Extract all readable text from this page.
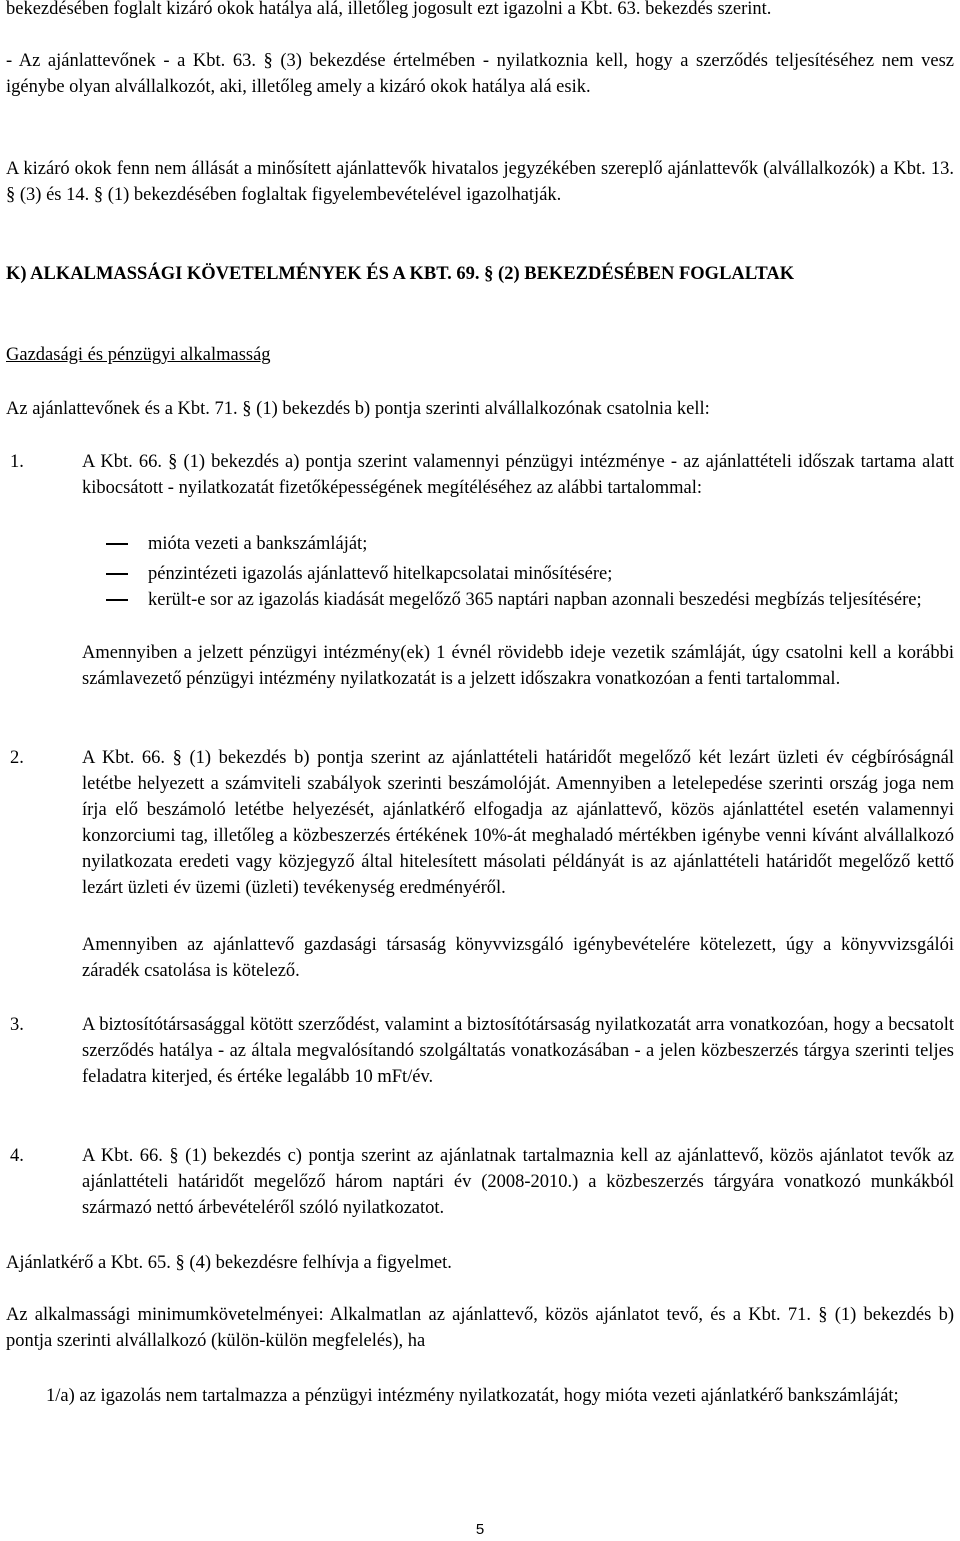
bekezdésében foglalt kizáró okok hatálya alá, illetőleg jogosult ezt igazolni a Kbt. 63. bekezdés szerint.

- Az ajánlattevőnek - a Kbt. 63. § (3) bekezdése értelmében - nyilatkoznia kell, hogy a szerződés teljesítéséhez nem vesz igénybe olyan alvállalkozót, aki, illetőleg amely a kizáró okok hatálya alá esik.

A kizáró okok fenn nem állását a minősített ajánlattevők hivatalos jegyzékében szereplő ajánlattevők (alvállalkozók) a Kbt. 13. § (3) és 14. § (1) bekezdésében foglaltak figyelembevételével igazolhatják.

K) ALKALMASSÁGI KÖVETELMÉNYEK ÉS A KBT. 69. § (2) BEKEZDÉSÉBEN FOGLALTAK

Gazdasági és pénzügyi alkalmasság

Az ajánlattevőnek és a Kbt. 71. § (1) bekezdés b) pontja szerinti alvállalkozónak csatolnia kell:

1.	A Kbt. 66. § (1) bekezdés a) pontja szerint valamennyi pénzügyi intézménye - az ajánlattételi időszak tartama alatt kibocsátott - nyilatkozatát fizetőképességének megítéléséhez az alábbi tartalommal:

mióta vezeti a bankszámláját;
pénzintézeti igazolás ajánlattevő hitelkapcsolatai minősítésére;
került-e sor az igazolás kiadását megelőző 365 naptári napban azonnali beszedési megbízás teljesítésére;

Amennyiben a jelzett pénzügyi intézmény(ek) 1 évnél rövidebb ideje vezetik számláját, úgy csatolni kell a korábbi számlavezető pénzügyi intézmény nyilatkozatát is a jelzett időszakra vonatkozóan a fenti tartalommal.

2.	A Kbt. 66. § (1) bekezdés b) pontja szerint az ajánlattételi határidőt megelőző két lezárt üzleti év cégbíróságnál letétbe helyezett a számviteli szabályok szerinti beszámolóját. Amennyiben a letelepedése szerinti ország joga nem írja elő beszámoló letétbe helyezését, ajánlatkérő elfogadja az ajánlattevő, közös ajánlattétel esetén valamennyi konzorciumi tag, illetőleg a közbeszerzés értékének 10%-át meghaladó mértékben igénybe venni kívánt alvállalkozó nyilatkozata eredeti vagy közjegyző által hitelesített másolati példányát is az ajánlattételi határidőt megelőző kettő lezárt üzleti év üzemi (üzleti) tevékenység eredményéről.

Amennyiben az ajánlattevő gazdasági társaság könyvvizsgáló igénybevételére kötelezett, úgy a könyvvizsgálói záradék csatolása is kötelező.

3.	A biztosítótársasággal kötött szerződést, valamint a biztosítótársaság nyilatkozatát arra vonatkozóan, hogy a becsatolt szerződés hatálya - az általa megvalósítandó szolgáltatás vonatkozásában - a jelen közbeszerzés tárgya szerinti teljes feladatra kiterjed, és értéke legalább 10 mFt/év.

4.	A Kbt. 66. § (1) bekezdés c) pontja szerint az ajánlatnak tartalmaznia kell az ajánlattevő, közös ajánlatot tevők az ajánlattételi határidőt megelőző három naptári év (2008-2010.) a közbeszerzés tárgyára vonatkozó munkákból származó nettó árbevételéről szóló nyilatkozatot.

Ajánlatkérő a Kbt. 65. § (4) bekezdésre felhívja a figyelmet.

Az alkalmassági minimumkövetelményei: Alkalmatlan az ajánlattevő, közös ajánlatot tevő, és a Kbt. 71. § (1) bekezdés b) pontja szerinti alvállalkozó (külön-külön megfelelés), ha

1/a) az igazolás nem tartalmazza a pénzügyi intézmény nyilatkozatát, hogy mióta vezeti ajánlatkérő bankszámláját;
5
